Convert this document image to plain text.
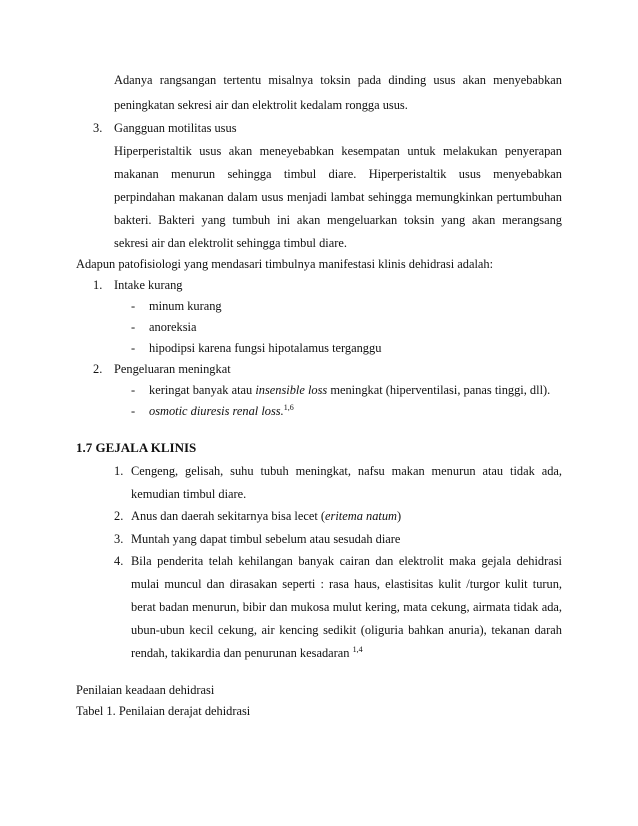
Adanya rangsangan tertentu misalnya toksin pada dinding usus akan menyebabkan
peningkatan sekresi air dan elektrolit kedalam rongga usus.
3. Gangguan motilitas usus
Hiperperistaltik usus akan meneyebabkan kesempatan untuk melakukan penyerapan
makanan menurun sehingga timbul diare. Hiperperistaltik usus menyebabkan
perpindahan makanan dalam usus menjadi lambat sehingga memungkinkan pertumbuhan
bakteri. Bakteri yang tumbuh ini akan mengeluarkan toksin yang akan merangsang
sekresi air dan elektrolit sehingga timbul diare.
Adapun patofisiologi yang mendasari timbulnya manifestasi klinis dehidrasi adalah:
1. Intake kurang
- minum kurang
- anoreksia
- hipodipsi karena fungsi hipotalamus terganggu
2. Pengeluaran meningkat
- keringat banyak atau insensible loss meningkat (hiperventilasi, panas tinggi, dll).
- osmotic diuresis renal loss.$^{1,6}$
1.7 GEJALA KLINIS
1. Cengeng, gelisah, suhu tubuh meningkat, nafsu makan menurun atau tidak ada,
kemudian timbul diare.
2. Anus dan daerah sekitarnya bisa lecet (eritema natum)
3. Muntah yang dapat timbul sebelum atau sesudah diare
4. Bila penderita telah kehilangan banyak cairan dan elektrolit maka gejala dehidrasi
mulai muncul dan dirasakan seperti : rasa haus, elastisitas kulit /turgor kulit turun,
berat badan menurun, bibir dan mukosa mulut kering, mata cekung, airmata tidak ada,
ubun-ubun kecil cekung, air kencing sedikit (oliguria bahkan anuria), tekanan darah
rendah, takikardia dan penurunan kesadaran $^{1,4}$
Penilaian keadaan dehidrasi
Tabel 1. Penilaian derajat dehidrasi
